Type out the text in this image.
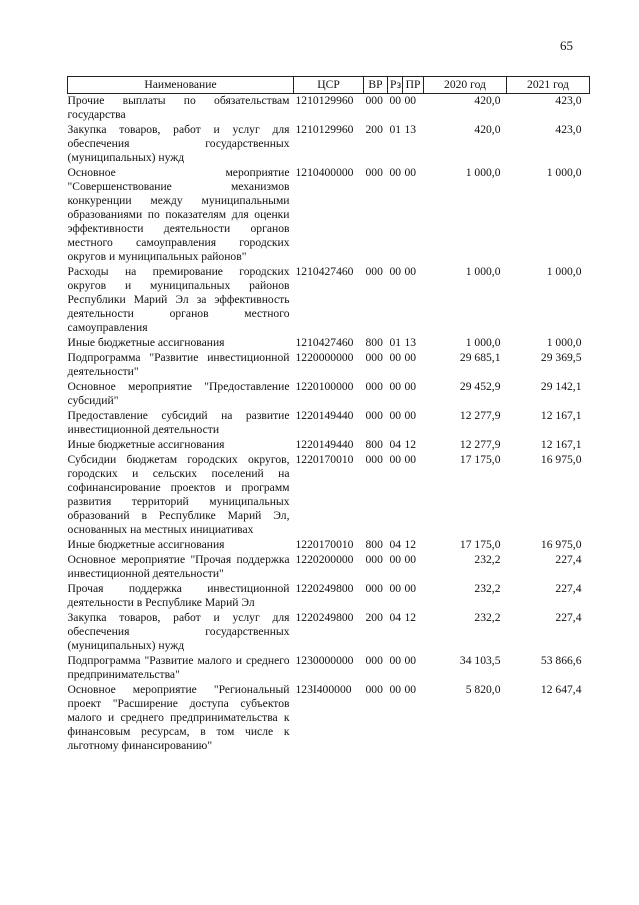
65
Наименование	ЦСР	ВР	Рз	ПР	2020 год	2021 год
Прочие выплаты по обязательствам государства	1210129960	000	00	00	420,0	423,0
Закупка товаров, работ и услуг для обеспечения государственных (муниципальных) нужд	1210129960	200	01	13	420,0	423,0
Основное мероприятие "Совершенствование механизмов конкуренции между муниципальными образованиями по показателям для оценки эффективности деятельности органов местного самоуправления городских округов и муниципальных районов"	1210400000	000	00	00	1 000,0	1 000,0
Расходы на премирование городских округов и муниципальных районов Республики Марий Эл за эффективность деятельности органов местного самоуправления	1210427460	000	00	00	1 000,0	1 000,0
Иные бюджетные ассигнования	1210427460	800	01	13	1 000,0	1 000,0
Подпрограмма "Развитие инвестиционной деятельности"	1220000000	000	00	00	29 685,1	29 369,5
Основное мероприятие "Предоставление субсидий"	1220100000	000	00	00	29 452,9	29 142,1
Предоставление субсидий на развитие инвестиционной деятельности	1220149440	000	00	00	12 277,9	12 167,1
Иные бюджетные ассигнования	1220149440	800	04	12	12 277,9	12 167,1
Субсидии бюджетам городских округов, городских и сельских поселений на софинансирование проектов и программ развития территорий муниципальных образований в Республике Марий Эл, основанных на местных инициативах	1220170010	000	00	00	17 175,0	16 975,0
Иные бюджетные ассигнования	1220170010	800	04	12	17 175,0	16 975,0
Основное мероприятие "Прочая поддержка инвестиционной деятельности"	1220200000	000	00	00	232,2	227,4
Прочая поддержка инвестиционной деятельности в Республике Марий Эл	1220249800	000	00	00	232,2	227,4
Закупка товаров, работ и услуг для обеспечения государственных (муниципальных) нужд	1220249800	200	04	12	232,2	227,4
Подпрограмма "Развитие малого и среднего предпринимательства"	1230000000	000	00	00	34 103,5	53 866,6
Основное мероприятие "Региональный проект "Расширение доступа субъектов малого и среднего предпринимательства к финансовым ресурсам, в том числе к льготному финансированию"	123I400000	000	00	00	5 820,0	12 647,4
